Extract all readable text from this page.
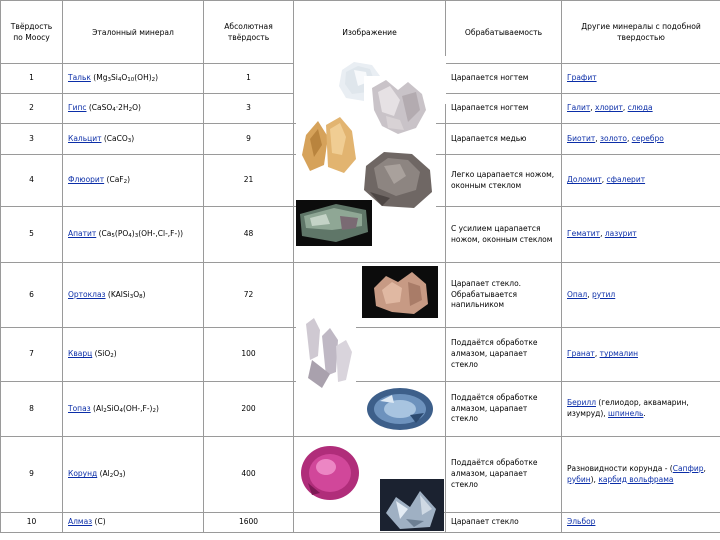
Твёрдость по Моосу	Эталонный минерал	Абсолютная твёрдость	Изображение	Обрабатываемость	Другие минералы с подобной твердостью
1	Тальк $(Mg_3Si_4O_{10}(OH)_2)$	1		Царапается ногтем	Графит
2	Гипс $(CaSO_4\cdot 2H_2O)$	3		Царапается ногтем	Галит, хлорит, слюда
3	Кальцит (CaCO$_3$)	9		Царапается медью	Биотит, золото, серебро
4	Флюорит (CaF$_2$)	21		Легко царапается ножом, оконным стеклом	Доломит, сфалерит
5	Апатит $(Ca_5(PO_4)_3(OH-,Cl-,F-))$	48		С усилием царапается ножом, оконным стеклом	Гематит, лазурит
6	Ортоклаз $(KAlSi_3O_8)$	72		Царапает стекло. Обрабатывается напильником	Опал, рутил
7	Кварц (SiO$_2$)	100		Поддаётся обработке алмазом, царапает стекло	Гранат, турмалин
8	Топаз $(Al_2SiO_4(OH-,F-)_2)$	200		Поддаётся обработке алмазом, царапает стекло	Берилл (гелиодор, аквамарин, изумруд), шпинель.
9	Корунд $(Al_2O_3)$	400		Поддаётся обработке алмазом, царапает стекло	Разновидности корунда - (Сапфир, рубин), карбид вольфрама
10	Алмаз (C)	1600		Царапает стекло	Эльбор
